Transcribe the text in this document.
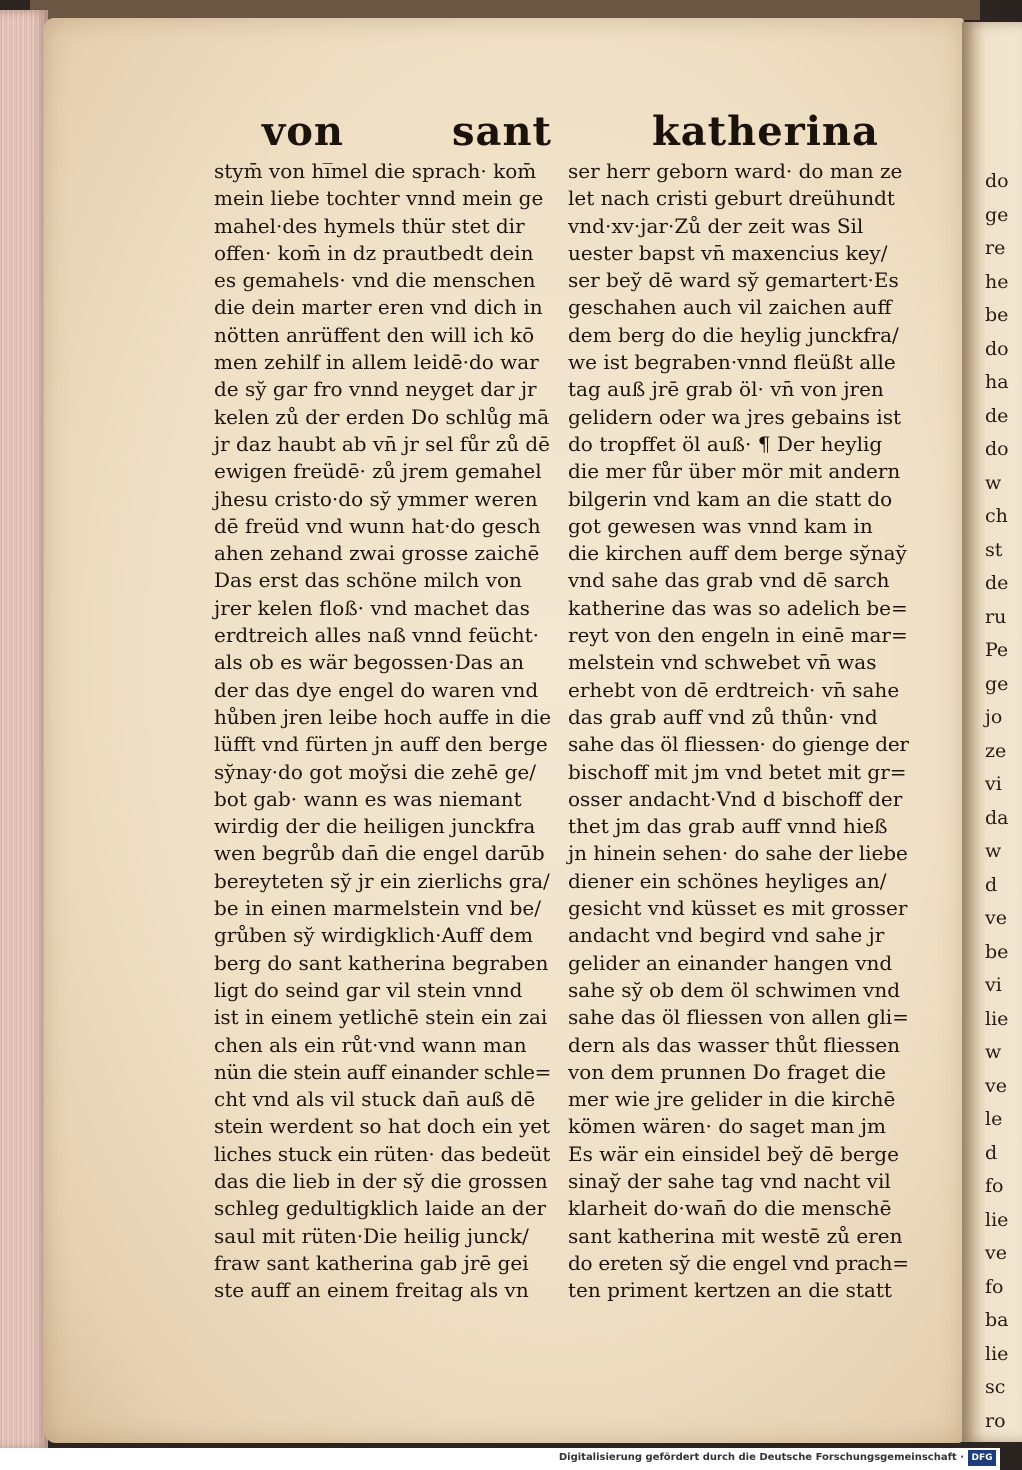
von	sant	katherina
stym̄ von hi̅mel die sprach· kom̄
mein liebe tochter vnnd mein ge
mahel·des hymels thür stet dir
offen· kom̄ in dz prautbedt dein
es gemahels· vnd die menschen
die dein marter eren vnd dich in
nötten anrüffent den will ich kō
men zehilf in allem leidē·do war
de sy̆ gar fro vnnd neyget dar jr
kelen zů der erden Do schlůg mā
jr daz haubt ab vn̄ jr sel fůr zů dē
ewigen freüdē· zů jrem gemahel
jhesu cristo·do sy̆ ymmer weren
dē freüd vnd wunn hat·do gesch
ahen zehand zwai grosse zaichē
Das erst das schöne milch von
jrer kelen floß· vnd machet das
erdtreich alles naß vnnd feücht·
als ob es wär begossen·Das an
der das dye engel do waren vnd
hůben jren leibe hoch auffe in die
lüfft vnd fürten jn auff den berge
sy̆nay·do got moy̆si die zehē ge/
bot gab· wann es was niemant
wirdig der die heiligen junckfra
wen begrůb dan̄ die engel darūb
bereyteten sy̆ jr ein zierlichs gra/
be in einen marmelstein vnd be/
grůben sy̆ wirdigklich·Auff dem
berg do sant katherina begraben
ligt do seind gar vil stein vnnd
ist in einem yetlichē stein ein zai
chen als ein růt·vnd wann man
nün die stein auff einander schle=
cht vnd als vil stuck dan̄ auß dē
stein werdent so hat doch ein yet
liches stuck ein rüten· das bedeüt
das die lieb in der sy̆ die grossen
schleg gedultigklich laide an der
saul mit rüten·Die heilig junck/
fraw sant katherina gab jrē gei
ste auff an einem freitag als vn
ser herr geborn ward· do man ze
let nach cristi geburt dreühundt
vnd·xv·jar·Zů der zeit was Sil
uester bapst vn̄ maxencius key/
ser bey̆ dē ward sy̆ gemartert·Es
geschahen auch vil zaichen auff
dem berg do die heylig junckfra/
we ist begraben·vnnd fleüßt alle
tag auß jrē grab öl· vn̄ von jren
gelidern oder wa jres gebains ist
do tropffet öl auß· ¶ Der heylig
die mer fůr über mör mit andern
bilgerin vnd kam an die statt do
got gewesen was vnnd kam in
die kirchen auff dem berge sy̆nay̆
vnd sahe das grab vnd dē sarch
katherine das was so adelich be=
reyt von den engeln in einē mar=
melstein vnd schwebet vn̄ was
erhebt von dē erdtreich· vn̄ sahe
das grab auff vnd zů thůn· vnd
sahe das öl fliessen· do gienge der
bischoff mit jm vnd betet mit gr=
osser andacht·Vnd d bischoff der
thet jm das grab auff vnnd hieß
jn hinein sehen· do sahe der liebe
diener ein schönes heyliges an/
gesicht vnd küsset es mit grosser
andacht vnd begird vnd sahe jr
gelider an einander hangen vnd
sahe sy̆ ob dem öl schwimen vnd
sahe das öl fliessen von allen gli=
dern als das wasser thůt fliessen
von dem prunnen Do fraget die
mer wie jre gelider in die kirchē
kömen wären· do saget man jm
Es wär ein einsidel bey̆ dē berge
sinay̆ der sahe tag vnd nacht vil
klarheit do·wan̄ do die menschē
sant katherina mit westē zů eren
do ereten sy̆ die engel vnd prach=
ten priment kertzen an die statt
do
ge
re
he
be
do
ha
de
do
w
ch
st
de
ru
Pe
ge
jo
ze
vi
da
w
d
ve
be
vi
lie
w
ve
le
d
fo
lie
ve
fo
ba
lie
sc
ro
Digitalisierung gefördert durch die Deutsche Forschungsgemeinschaft · DFG
